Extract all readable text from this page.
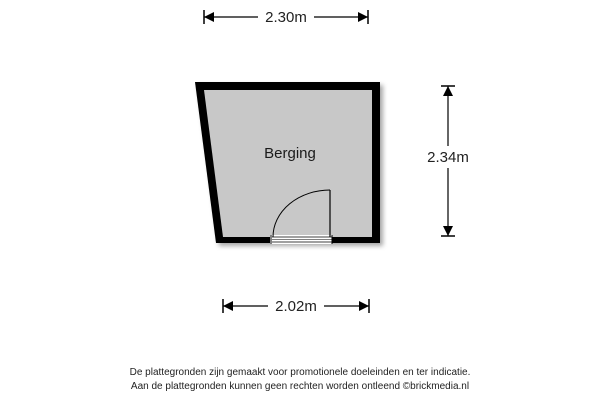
2.30m
Berging	2.34m
2.02m
De plattegronden zijn gemaakt voor promotionele doeleinden en ter indicatie.
Aan de plattegronden kunnen geen rechten worden ontleend ©brickmedia.nl
